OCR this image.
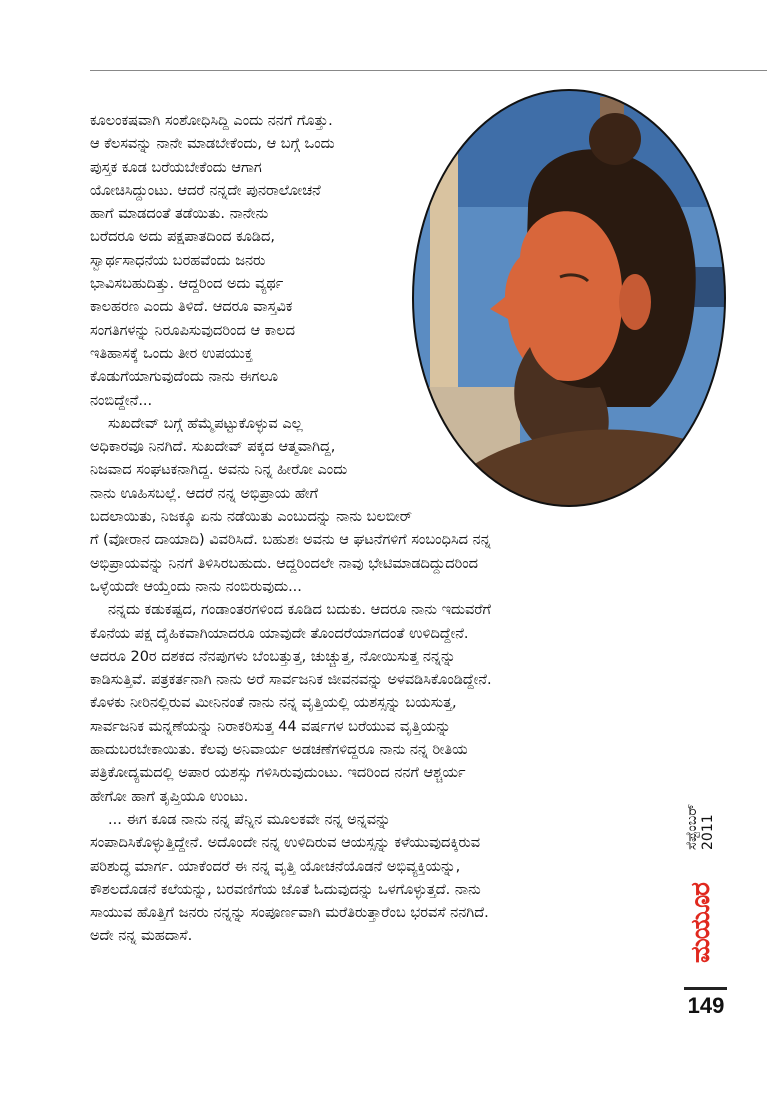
ಕೂಲಂಕಷವಾಗಿ ಸಂಶೋಧಿಸಿದ್ದಿ ಎಂದು ನನಗೆ ಗೊತ್ತು.
ಆ ಕೆಲಸವನ್ನು ನಾನೇ ಮಾಡಬೇಕೆಂದು, ಆ ಬಗ್ಗೆ ಒಂದು
ಪುಸ್ತಕ ಕೂಡ ಬರೆಯಬೇಕೆಂದು ಆಗಾಗ
ಯೋಚಿಸಿದ್ದುಂಟು. ಆದರೆ ನನ್ನದೇ ಪುನರಾಲೋಚನೆ
ಹಾಗೆ ಮಾಡದಂತೆ ತಡೆಯಿತು. ನಾನೇನು
ಬರೆದರೂ ಅದು ಪಕ್ಷಪಾತದಿಂದ ಕೂಡಿದ,
ಸ್ವಾರ್ಥಸಾಧನೆಯ ಬರಹವೆಂದು ಜನರು
ಭಾವಿಸಬಹುದಿತ್ತು. ಆದ್ದರಿಂದ ಅದು ವ್ಯರ್ಥ
ಕಾಲಹರಣ ಎಂದು ತಿಳಿದೆ. ಆದರೂ ವಾಸ್ತವಿಕ
ಸಂಗತಿಗಳನ್ನು ನಿರೂಪಿಸುವುದರಿಂದ ಆ ಕಾಲದ
ಇತಿಹಾಸಕ್ಕೆ ಒಂದು ತೀರ ಉಪಯುಕ್ತ
ಕೊಡುಗೆಯಾಗುವುದೆಂದು ನಾನು ಈಗಲೂ
ನಂಬಿದ್ದೇನೆ...
ಸುಖದೇವ್ ಬಗ್ಗೆ ಹೆಮ್ಮೆಪಟ್ಟುಕೊಳ್ಳುವ ಎಲ್ಲ
ಅಧಿಕಾರವೂ ನಿನಗಿದೆ. ಸುಖದೇವ್ ಪಕ್ಕದ ಆತ್ಮವಾಗಿದ್ದ,
ನಿಜವಾದ ಸಂಘಟಕನಾಗಿದ್ದ. ಅವನು ನಿನ್ನ ಹೀರೋ ಎಂದು
ನಾನು ಊಹಿಸಬಲ್ಲೆ. ಆದರೆ ನನ್ನ ಅಭಿಪ್ರಾಯ ಹೇಗೆ
ಬದಲಾಯಿತು, ನಿಜಕ್ಕೂ ಏನು ನಡೆಯಿತು ಎಂಬುದನ್ನು ನಾನು ಬಲಬೀರ್
ಗೆ (ವೋರಾನ ದಾಯಾದಿ) ವಿವರಿಸಿದೆ. ಬಹುಶಃ ಅವನು ಆ ಘಟನೆಗಳಿಗೆ ಸಂಬಂಧಿಸಿದ ನನ್ನ
ಅಭಿಪ್ರಾಯವನ್ನು ನಿನಗೆ ತಿಳಿಸಿರಬಹುದು. ಆದ್ದರಿಂದಲೇ ನಾವು ಭೇಟಿಮಾಡದಿದ್ದುದರಿಂದ
ಒಳ್ಳೆಯದೇ ಆಯ್ತೆಂದು ನಾನು ನಂಬಿರುವುದು...
ನನ್ನದು ಕಡುಕಷ್ಟದ, ಗಂಡಾಂತರಗಳಿಂದ ಕೂಡಿದ ಬದುಕು. ಆದರೂ ನಾನು ಇದುವರೆಗೆ
ಕೊನೆಯ ಪಕ್ಷ ದೈಹಿಕವಾಗಿಯಾದರೂ ಯಾವುದೇ ತೊಂದರೆಯಾಗದಂತೆ ಉಳಿದಿದ್ದೇನೆ.
ಆದರೂ 20ರ ದಶಕದ ನೆನಪುಗಳು ಬೆಂಬತ್ತುತ್ತ, ಚುಚ್ಚುತ್ತ, ನೋಯಿಸುತ್ತ ನನ್ನನ್ನು
ಕಾಡಿಸುತ್ತಿವೆ. ಪತ್ರಕರ್ತನಾಗಿ ನಾನು ಅರೆ ಸಾರ್ವಜನಿಕ ಜೀವನವನ್ನು ಅಳವಡಿಸಿಕೊಂಡಿದ್ದೇನೆ.
ಕೊಳಕು ನೀರಿನಲ್ಲಿರುವ ಮೀನಿನಂತೆ ನಾನು ನನ್ನ ವೃತ್ತಿಯಲ್ಲಿ ಯಶಸ್ಸನ್ನು ಬಯಸುತ್ತ,
ಸಾರ್ವಜನಿಕ ಮನ್ನಣೆಯನ್ನು ನಿರಾಕರಿಸುತ್ತ 44 ವರ್ಷಗಳ ಬರೆಯುವ ವೃತ್ತಿಯನ್ನು
ಹಾದುಬರಬೇಕಾಯಿತು. ಕೆಲವು ಅನಿವಾರ್ಯ ಅಡಚಣೆಗಳಿದ್ದರೂ ನಾನು ನನ್ನ ರೀತಿಯ
ಪತ್ರಿಕೋದ್ಯಮದಲ್ಲಿ ಅಪಾರ ಯಶಸ್ಸು ಗಳಿಸಿರುವುದುಂಟು. ಇದರಿಂದ ನನಗೆ ಆಶ್ಚರ್ಯ
ಹೇಗೋ ಹಾಗೆ ತೃಪ್ತಿಯೂ ಉಂಟು.
... ಈಗ ಕೂಡ ನಾನು ನನ್ನ ಪೆನ್ನಿನ ಮೂಲಕವೇ ನನ್ನ ಅನ್ನವನ್ನು
ಸಂಪಾದಿಸಿಕೊಳ್ಳುತ್ತಿದ್ದೇನೆ. ಅದೊಂದೇ ನನ್ನ ಉಳಿದಿರುವ ಆಯಸ್ಸನ್ನು ಕಳೆಯುವುದಕ್ಕಿರುವ
ಪರಿಶುದ್ಧ ಮಾರ್ಗ. ಯಾಕೆಂದರೆ ಈ ನನ್ನ ವೃತ್ತಿ ಯೋಚನೆಯೊಡನೆ ಅಭಿವ್ಯಕ್ತಿಯನ್ನು,
ಕೌಶಲದೊಡನೆ ಕಲೆಯನ್ನು, ಬರವಣಿಗೆಯ ಜೊತೆ ಓದುವುದನ್ನು ಒಳಗೊಳ್ಳುತ್ತದೆ. ನಾನು
ಸಾಯುವ ಹೊತ್ತಿಗೆ ಜನರು ನನ್ನನ್ನು ಸಂಪೂರ್ಣವಾಗಿ ಮರೆತಿರುತ್ತಾರೆಂಬ ಭರವಸೆ ನನಗಿದೆ.
ಅದೇ ನನ್ನ ಮಹದಾಸೆ.
ಸೆಪ್ಟೆಂಬರ್ 2011
ಮಯೂರ
149
